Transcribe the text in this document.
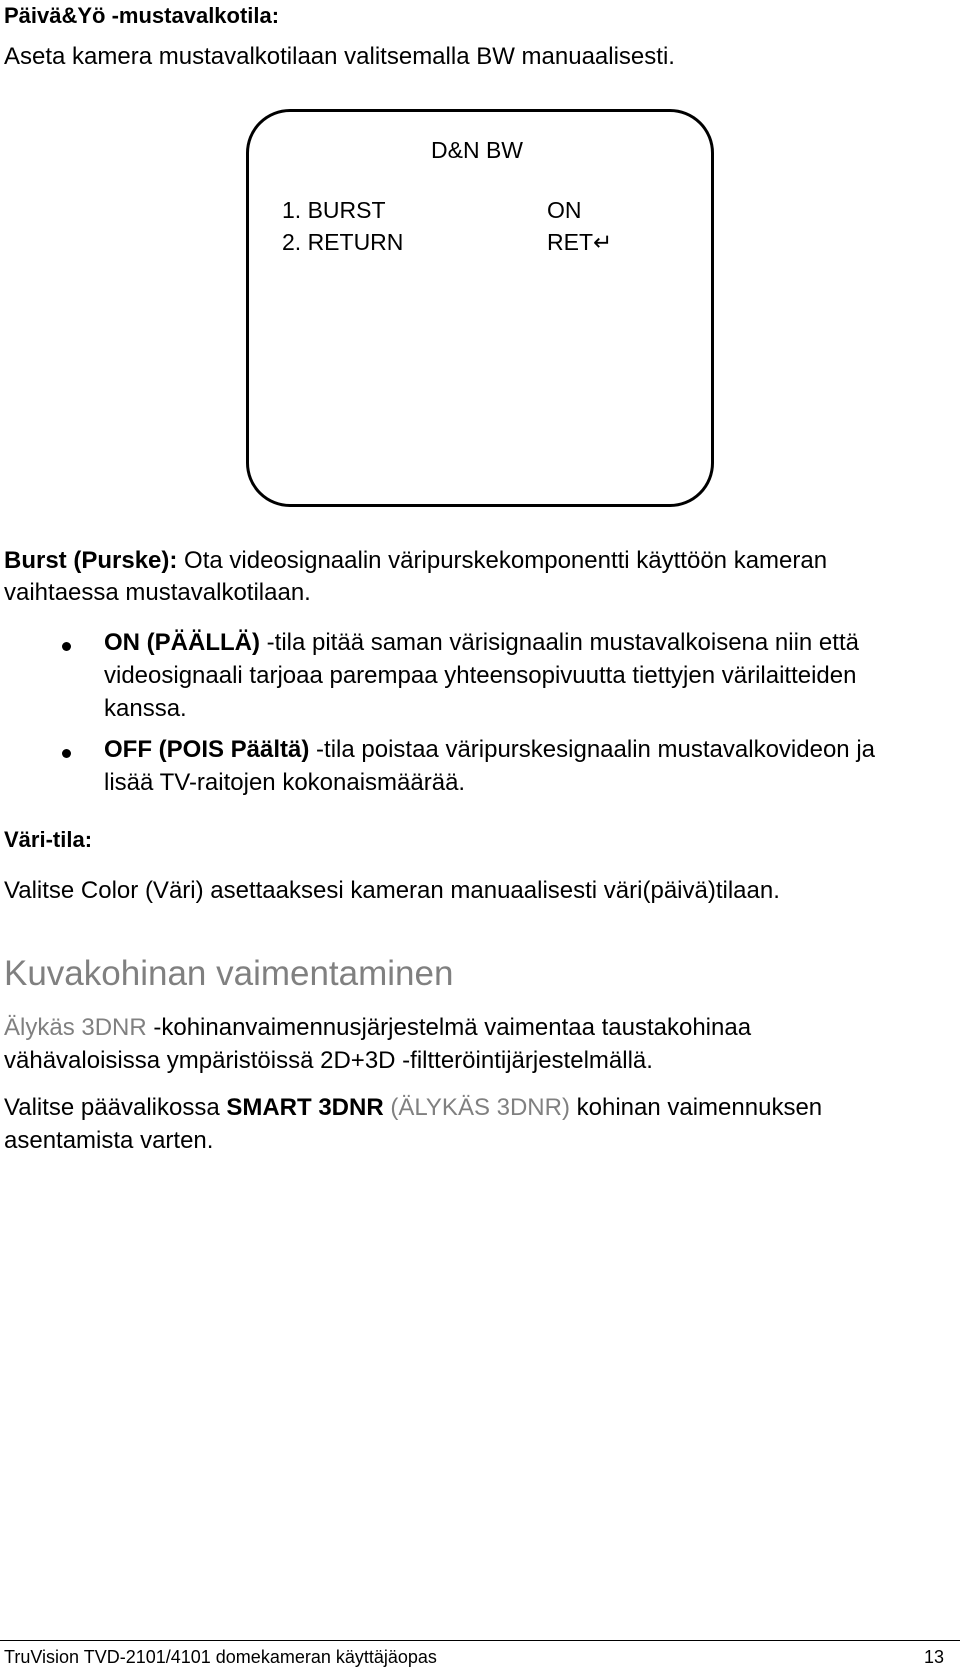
Päivä&Yö -mustavalkotila:
Aseta kamera mustavalkotilaan valitsemalla BW manuaalisesti.
D&N BW
1. BURST
2. RETURN
ON
RET↵
Burst (Purske): Ota videosignaalin väripurskekomponentti käyttöön kameran
vaihtaessa mustavalkotilaan.
ON (PÄÄLLÄ) -tila pitää saman värisignaalin mustavalkoisena niin että
videosignaali tarjoaa parempaa yhteensopivuutta tiettyjen värilaitteiden
kanssa.
OFF (POIS Päältä) -tila poistaa väripurskesignaalin mustavalkovideon ja
lisää TV-raitojen kokonaismäärää.
Väri-tila:
Valitse Color (Väri) asettaaksesi kameran manuaalisesti väri(päivä)tilaan.
Kuvakohinan vaimentaminen
Älykäs 3DNR -kohinanvaimennusjärjestelmä vaimentaa taustakohinaa
vähävaloisissa ympäristöissä 2D+3D -filtteröintijärjestelmällä.
Valitse päävalikossa SMART 3DNR (ÄLYKÄS 3DNR) kohinan vaimennuksen
asentamista varten.
TruVision TVD-2101/4101 domekameran käyttäjäopas	13
